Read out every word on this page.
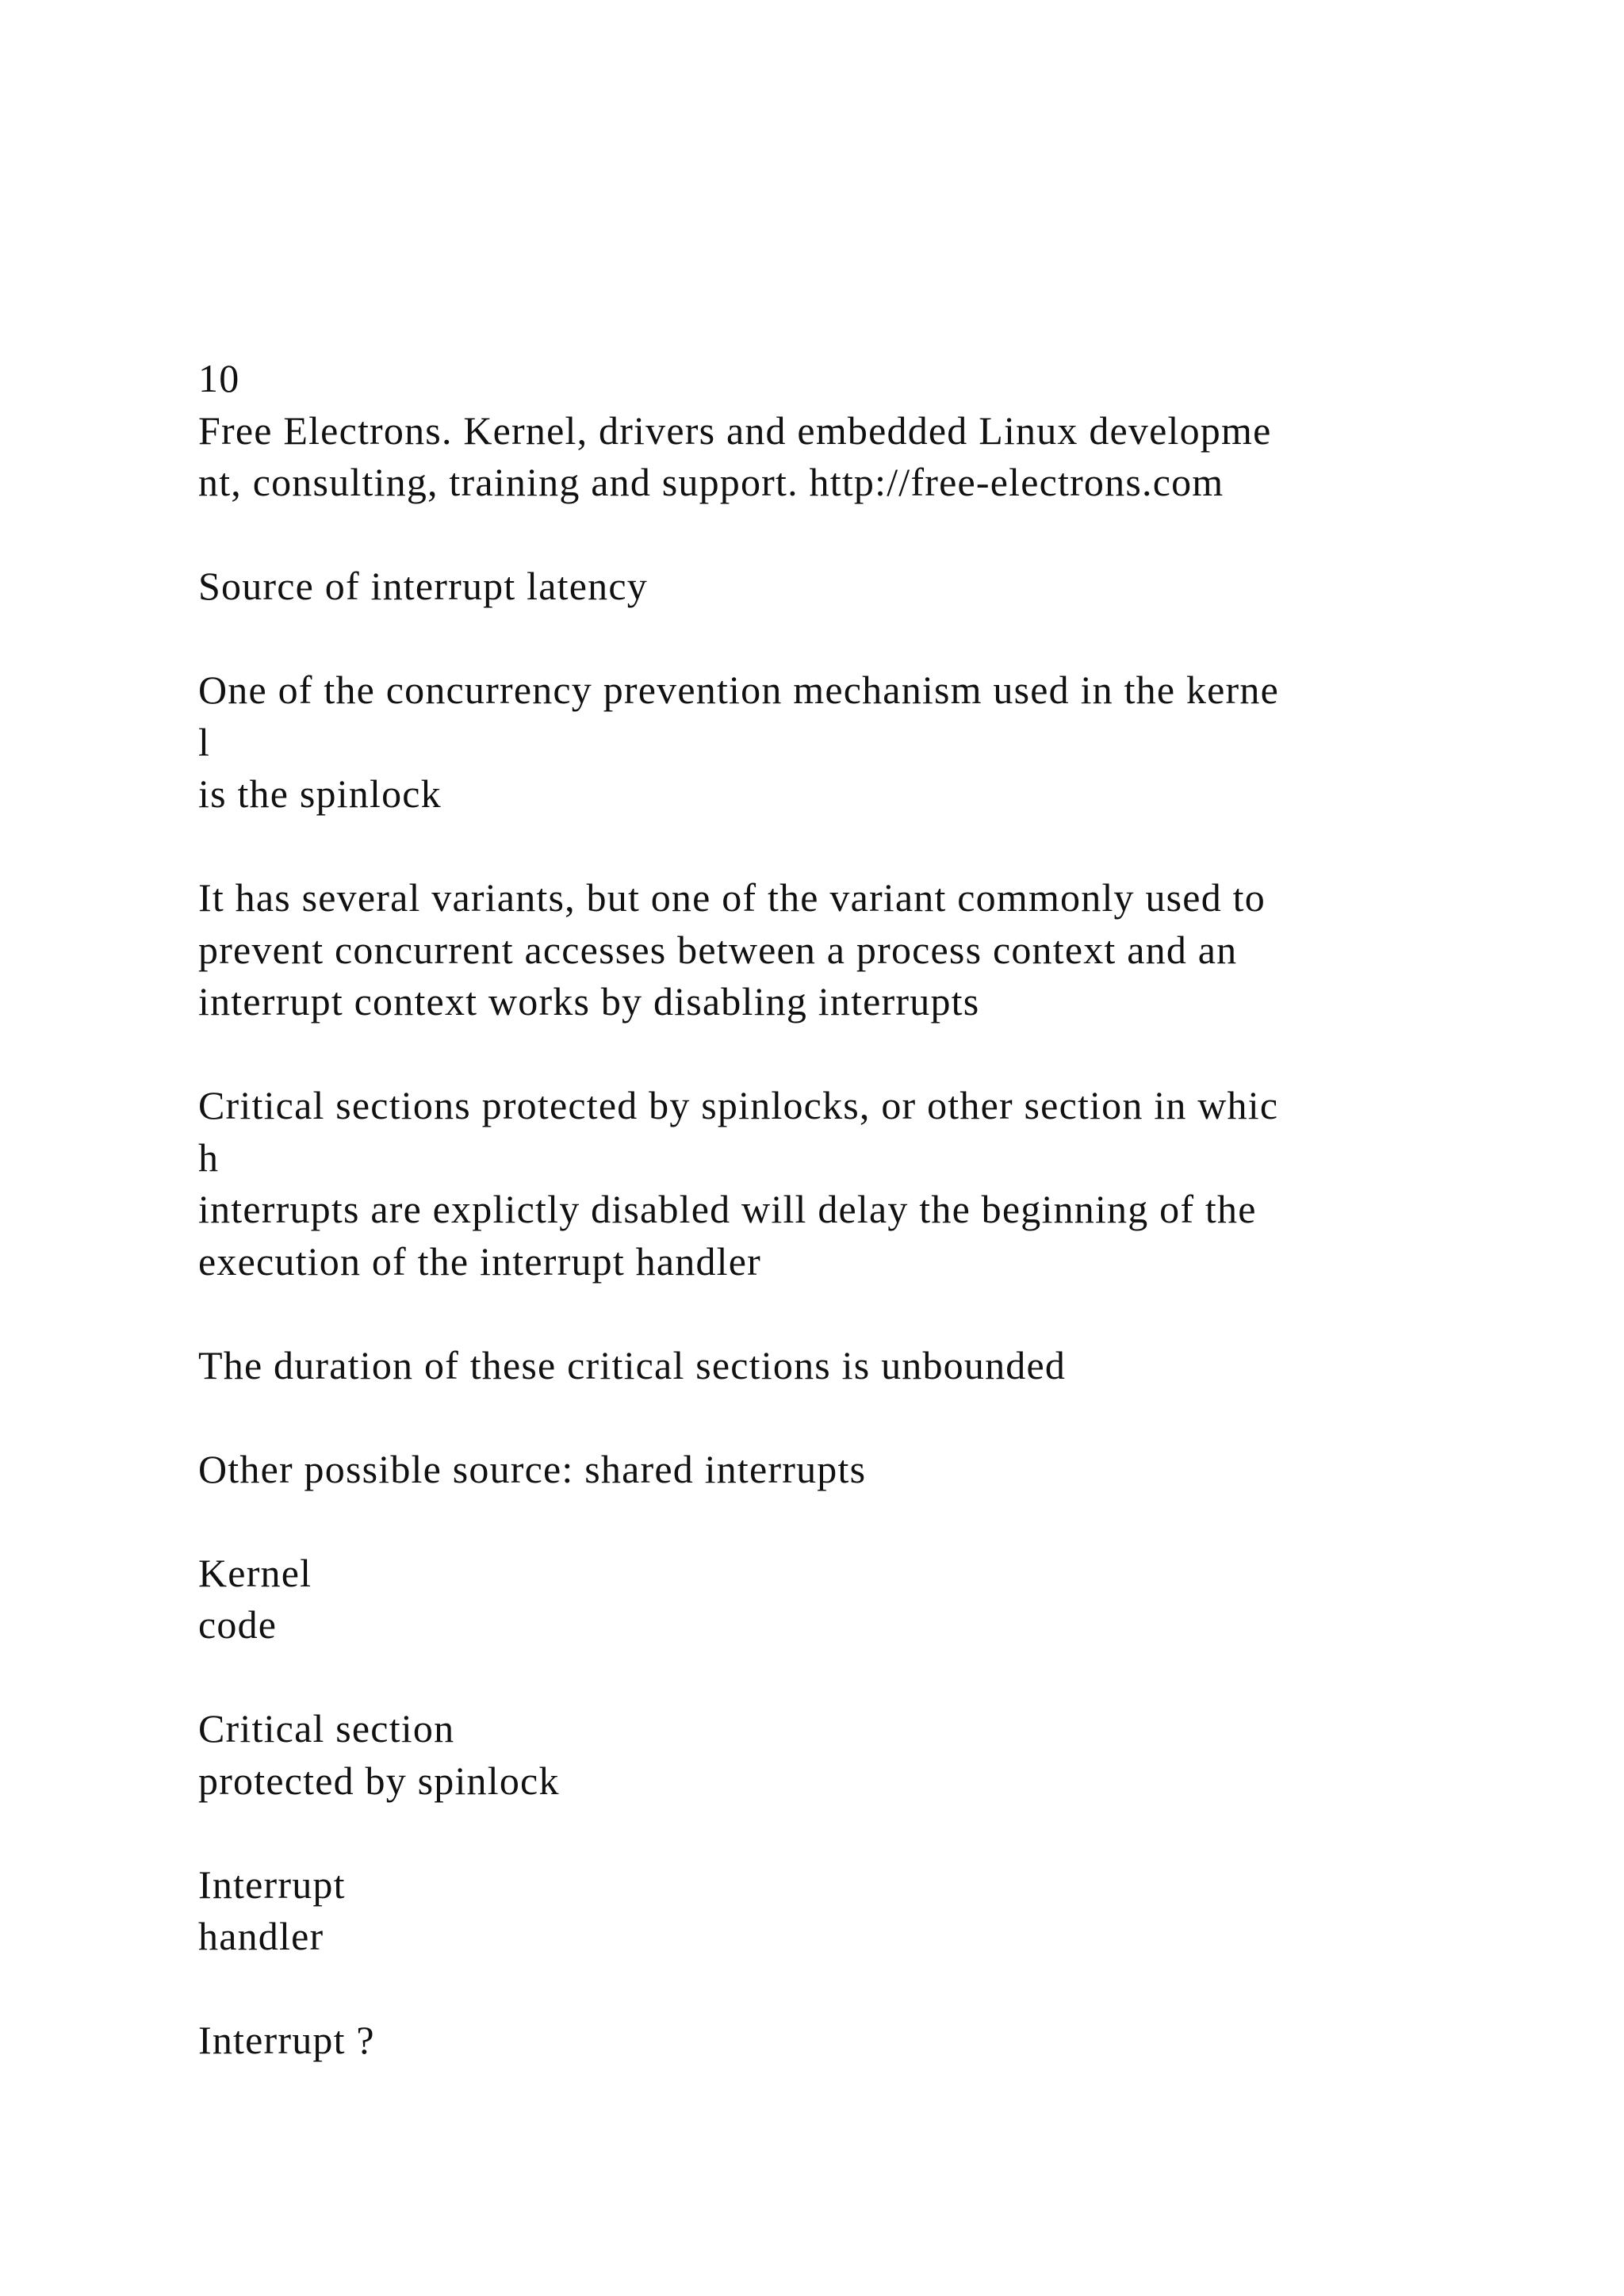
10
Free Electrons. Kernel, drivers and embedded Linux developme
nt, consulting, training and support. http://free-electrons.com
Source of interrupt latency
One of the concurrency prevention mechanism used in the kerne
l
is the spinlock
It has several variants, but one of the variant commonly used to
prevent concurrent accesses between a process context and an
interrupt context works by disabling interrupts
Critical sections protected by spinlocks, or other section in whic
h
interrupts are explictly disabled will delay the beginning of the
execution of the interrupt handler
The duration of these critical sections is unbounded
Other possible source: shared interrupts
Kernel
code
Critical section
protected by spinlock
Interrupt
handler
Interrupt ?
